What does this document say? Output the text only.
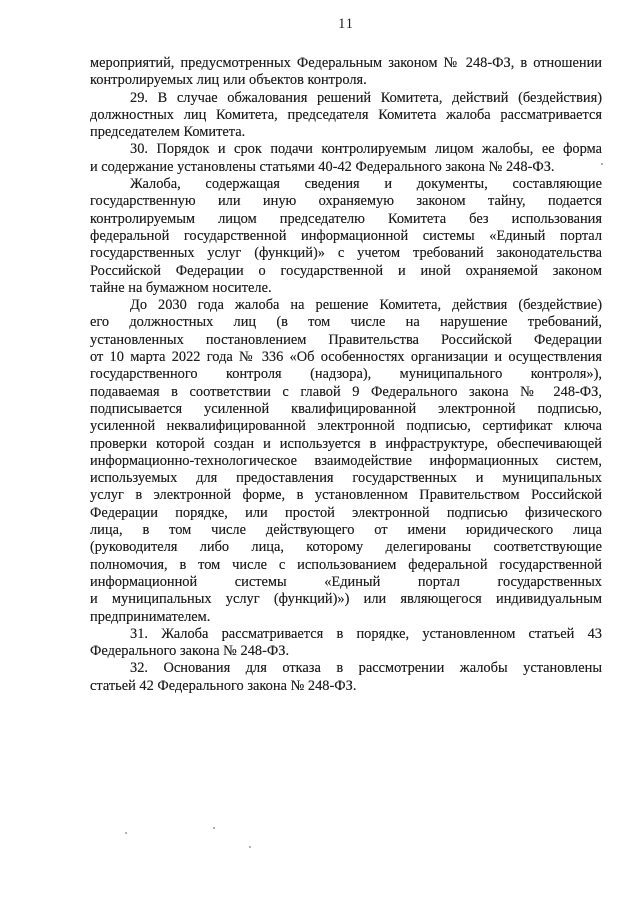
11
мероприятий, предусмотренных Федеральным законом № 248-ФЗ, в отношении
контролируемых лиц или объектов контроля.
29. В случае обжалования решений Комитета, действий (бездействия)
должностных лиц Комитета, председателя Комитета жалоба рассматривается
председателем Комитета.
30. Порядок и срок подачи контролируемым лицом жалобы, ее форма
и содержание установлены статьями 40-42 Федерального закона № 248-ФЗ.
Жалоба, содержащая сведения и документы, составляющие
государственную или иную охраняемую законом тайну, подается
контролируемым лицом председателю Комитета без использования
федеральной государственной информационной системы «Единый портал
государственных услуг (функций)» с учетом требований законодательства
Российской Федерации о государственной и иной охраняемой законом
тайне на бумажном носителе.
До 2030 года жалоба на решение Комитета, действия (бездействие)
его должностных лиц (в том числе на нарушение требований,
установленных постановлением Правительства Российской Федерации
от 10 марта 2022 года № 336 «Об особенностях организации и осуществления
государственного контроля (надзора), муниципального контроля»),
подаваемая в соответствии с главой 9 Федерального закона № 248-ФЗ,
подписывается усиленной квалифицированной электронной подписью,
усиленной неквалифицированной электронной подписью, сертификат ключа
проверки которой создан и используется в инфраструктуре, обеспечивающей
информационно-технологическое взаимодействие информационных систем,
используемых для предоставления государственных и муниципальных
услуг в электронной форме, в установленном Правительством Российской
Федерации порядке, или простой электронной подписью физического
лица, в том числе действующего от имени юридического лица
(руководителя либо лица, которому делегированы соответствующие
полномочия, в том числе с использованием федеральной государственной
информационной системы «Единый портал государственных
и муниципальных услуг (функций)») или являющегося индивидуальным
предпринимателем.
31. Жалоба рассматривается в порядке, установленном статьей 43
Федерального закона № 248-ФЗ.
32. Основания для отказа в рассмотрении жалобы установлены
статьей 42 Федерального закона № 248-ФЗ.
